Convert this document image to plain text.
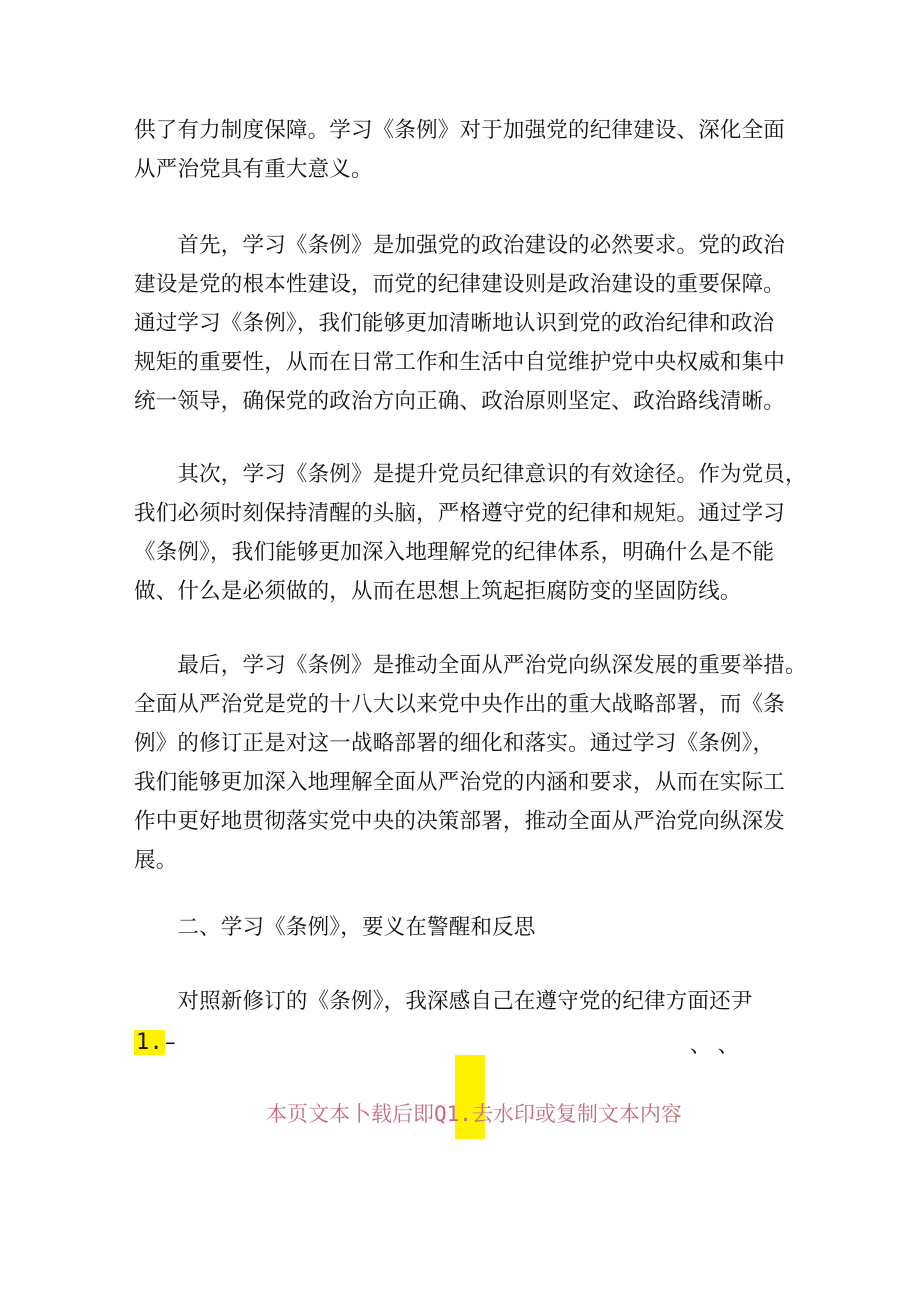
供了有力制度保障。学习《条例》对于加强党的纪律建设、深化全面
从严治党具有重大意义。
　　首先，学习《条例》是加强党的政治建设的必然要求。党的政治
建设是党的根本性建设，而党的纪律建设则是政治建设的重要保障。
通过学习《条例》，我们能够更加清晰地认识到党的政治纪律和政治
规矩的重要性，从而在日常工作和生活中自觉维护党中央权威和集中
统一领导，确保党的政治方向正确、政治原则坚定、政治路线清晰。
　　其次，学习《条例》是提升党员纪律意识的有效途径。作为党员，
我们必须时刻保持清醒的头脑，严格遵守党的纪律和规矩。通过学习
《条例》，我们能够更加深入地理解党的纪律体系，明确什么是不能
做、什么是必须做的，从而在思想上筑起拒腐防变的坚固防线。
　　最后，学习《条例》是推动全面从严治党向纵深发展的重要举措。
全面从严治党是党的十八大以来党中央作出的重大战略部署，而《条
例》的修订正是对这一战略部署的细化和落实。通过学习《条例》，
我们能够更加深入地理解全面从严治党的内涵和要求，从而在实际工
作中更好地贯彻落实党中央的决策部署，推动全面从严治党向纵深发
展。
　　二、学习《条例》，要义在警醒和反思
　　对照新修订的《条例》，我深感自己在遵守党的纪律方面还尹
1.–	、 、
本页文本卜载后即Q1.去水印或复制文本内容
